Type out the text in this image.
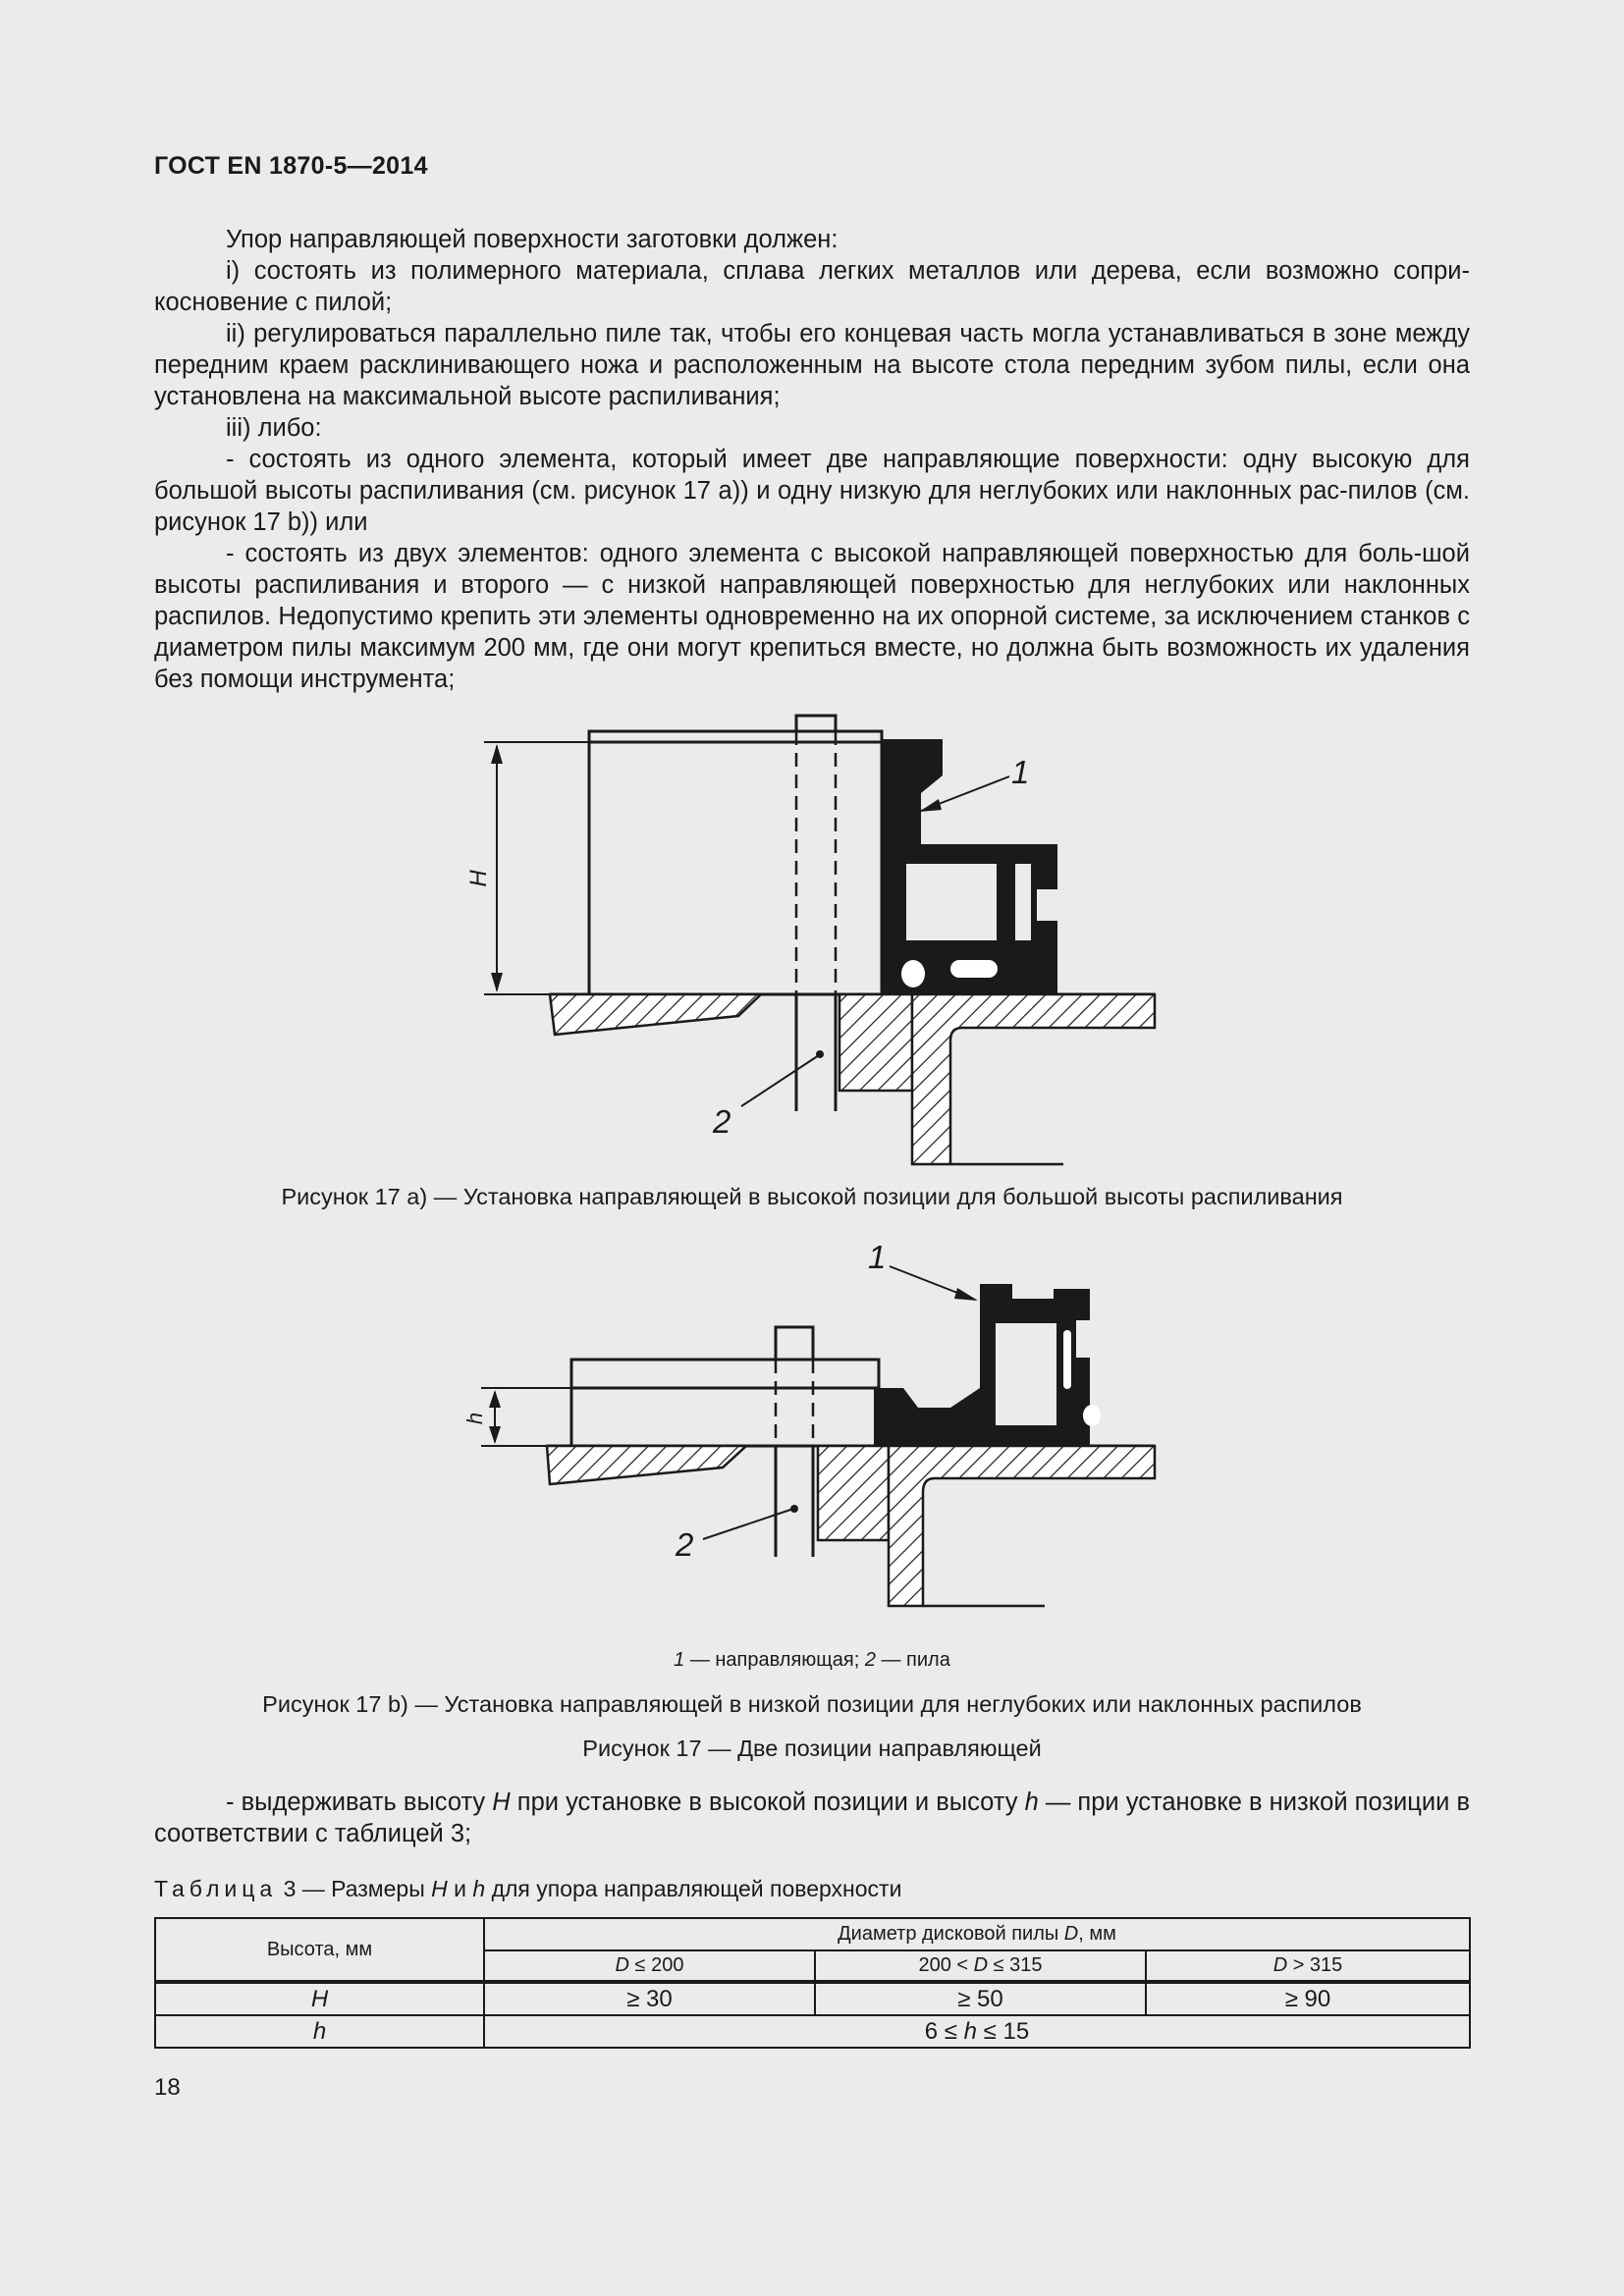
ГОСТ EN 1870-5—2014

Упор направляющей поверхности заготовки должен:

i) состоять из полимерного материала, сплава легких металлов или дерева, если возможно сопри-косновение с пилой;

ii) регулироваться параллельно пиле так, чтобы его концевая часть могла устанавливаться в зоне между передним краем расклинивающего ножа и расположенным на высоте стола передним зубом пилы, если она установлена на максимальной высоте распиливания;

iii) либо:

- состоять из одного элемента, который имеет две направляющие поверхности: одну высокую для большой высоты распиливания (см. рисунок 17 а)) и одну низкую для неглубоких или наклонных рас-пилов (см. рисунок 17 b)) или

- состоять из двух элементов: одного элемента с высокой направляющей поверхностью для боль-шой высоты распиливания и второго — с низкой направляющей поверхностью для неглубоких или наклонных распилов. Недопустимо крепить эти элементы одновременно на их опорной системе, за исключением станков с диаметром пилы максимум 200 мм, где они могут крепиться вместе, но должна быть возможность их удаления без помощи инструмента;

H
1
2
Рисунок 17 а) — Установка направляющей в высокой позиции для большой высоты распиливания
h
1
2
1 — направляющая; 2 — пила
Рисунок 17 b) — Установка направляющей в низкой позиции для неглубоких или наклонных распилов
Рисунок 17 — Две позиции направляющей

- выдерживать высоту H при установке в высокой позиции и высоту h — при установке в низкой позиции в соответствии с таблицей 3;

Таблица 3 — Размеры H и h для упора направляющей поверхности
Высота, мм	Диаметр дисковой пилы D, мм		
	D ≤ 200	200 < D ≤ 315	D > 315
H	≥ 30	≥ 50	≥ 90
h	6 ≤ h ≤ 15		
18
